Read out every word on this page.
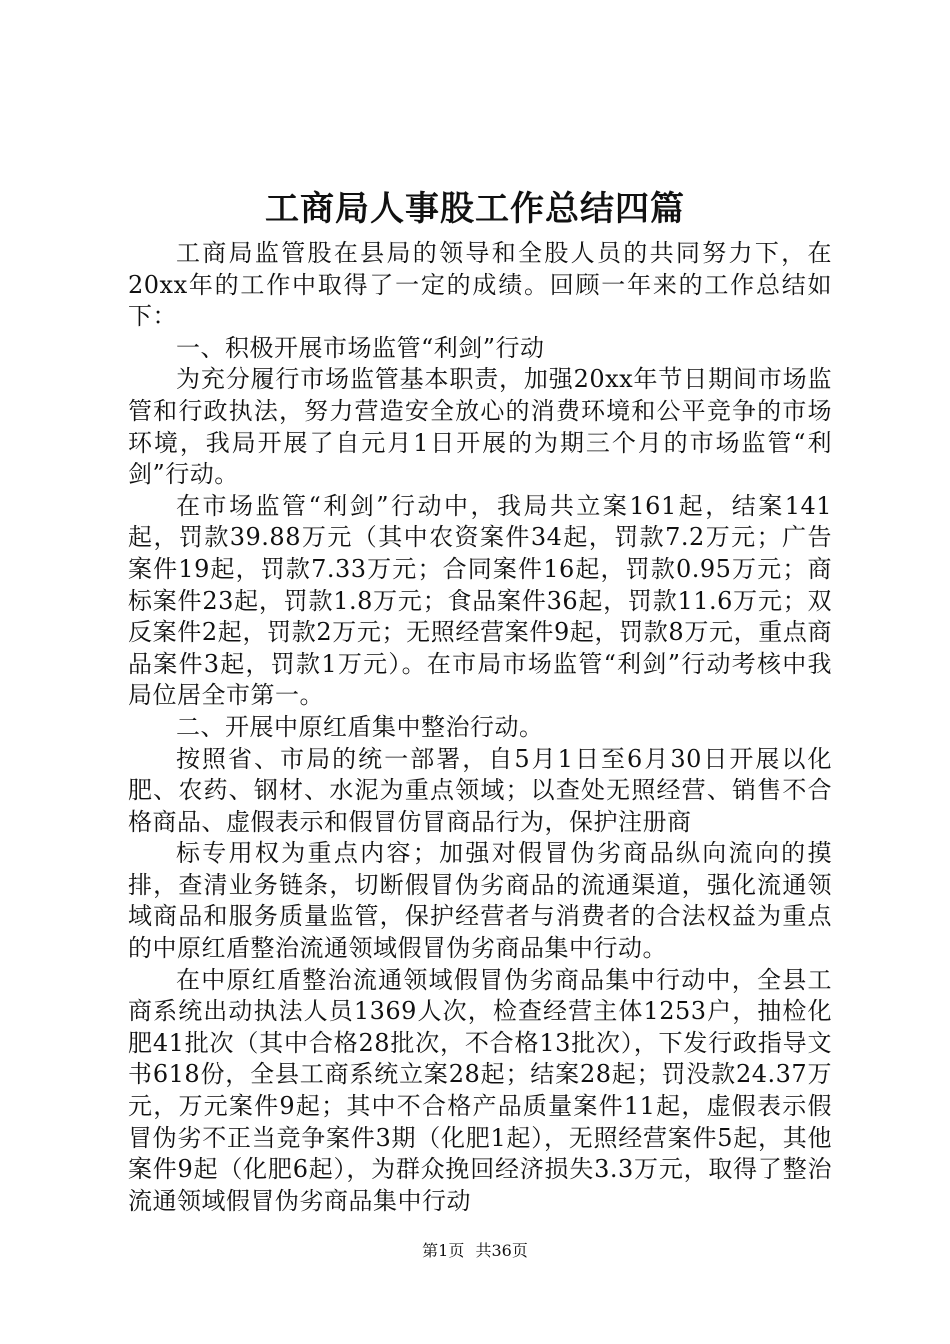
工商局人事股工作总结四篇

工商局监管股在县局的领导和全股人员的共同努力下，在20xx年的工作中取得了一定的成绩。回顾一年来的工作总结如下：

一、积极开展市场监管“利剑”行动

为充分履行市场监管基本职责，加强20xx年节日期间市场监管和行政执法，努力营造安全放心的消费环境和公平竞争的市场环境，我局开展了自元月1日开展的为期三个月的市场监管“利剑”行动。

在市场监管“利剑”行动中，我局共立案161起，结案141起，罚款39.88万元（其中农资案件34起，罚款7.2万元；广告案件19起，罚款7.33万元；合同案件16起，罚款0.95万元；商标案件23起，罚款1.8万元；食品案件36起，罚款11.6万元；双反案件2起，罚款2万元；无照经营案件9起，罚款8万元，重点商品案件3起，罚款1万元）。在市局市场监管“利剑”行动考核中我局位居全市第一。

二、开展中原红盾集中整治行动。

按照省、市局的统一部署，自5月1日至6月30日开展以化肥、农药、钢材、水泥为重点领域；以查处无照经营、销售不合格商品、虚假表示和假冒仿冒商品行为，保护注册商

标专用权为重点内容；加强对假冒伪劣商品纵向流向的摸排，查清业务链条，切断假冒伪劣商品的流通渠道，强化流通领域商品和服务质量监管，保护经营者与消费者的合法权益为重点的中原红盾整治流通领域假冒伪劣商品集中行动。

在中原红盾整治流通领域假冒伪劣商品集中行动中，全县工商系统出动执法人员1369人次，检查经营主体1253户，抽检化肥41批次（其中合格28批次，不合格13批次），下发行政指导文书618份，全县工商系统立案28起；结案28起；罚没款24.37万元，万元案件9起；其中不合格产品质量案件11起，虚假表示假冒伪劣不正当竞争案件3期（化肥1起），无照经营案件5起，其他案件9起（化肥6起），为群众挽回经济损失3.3万元，取得了整治流通领域假冒伪劣商品集中行动

第1页 共36页
